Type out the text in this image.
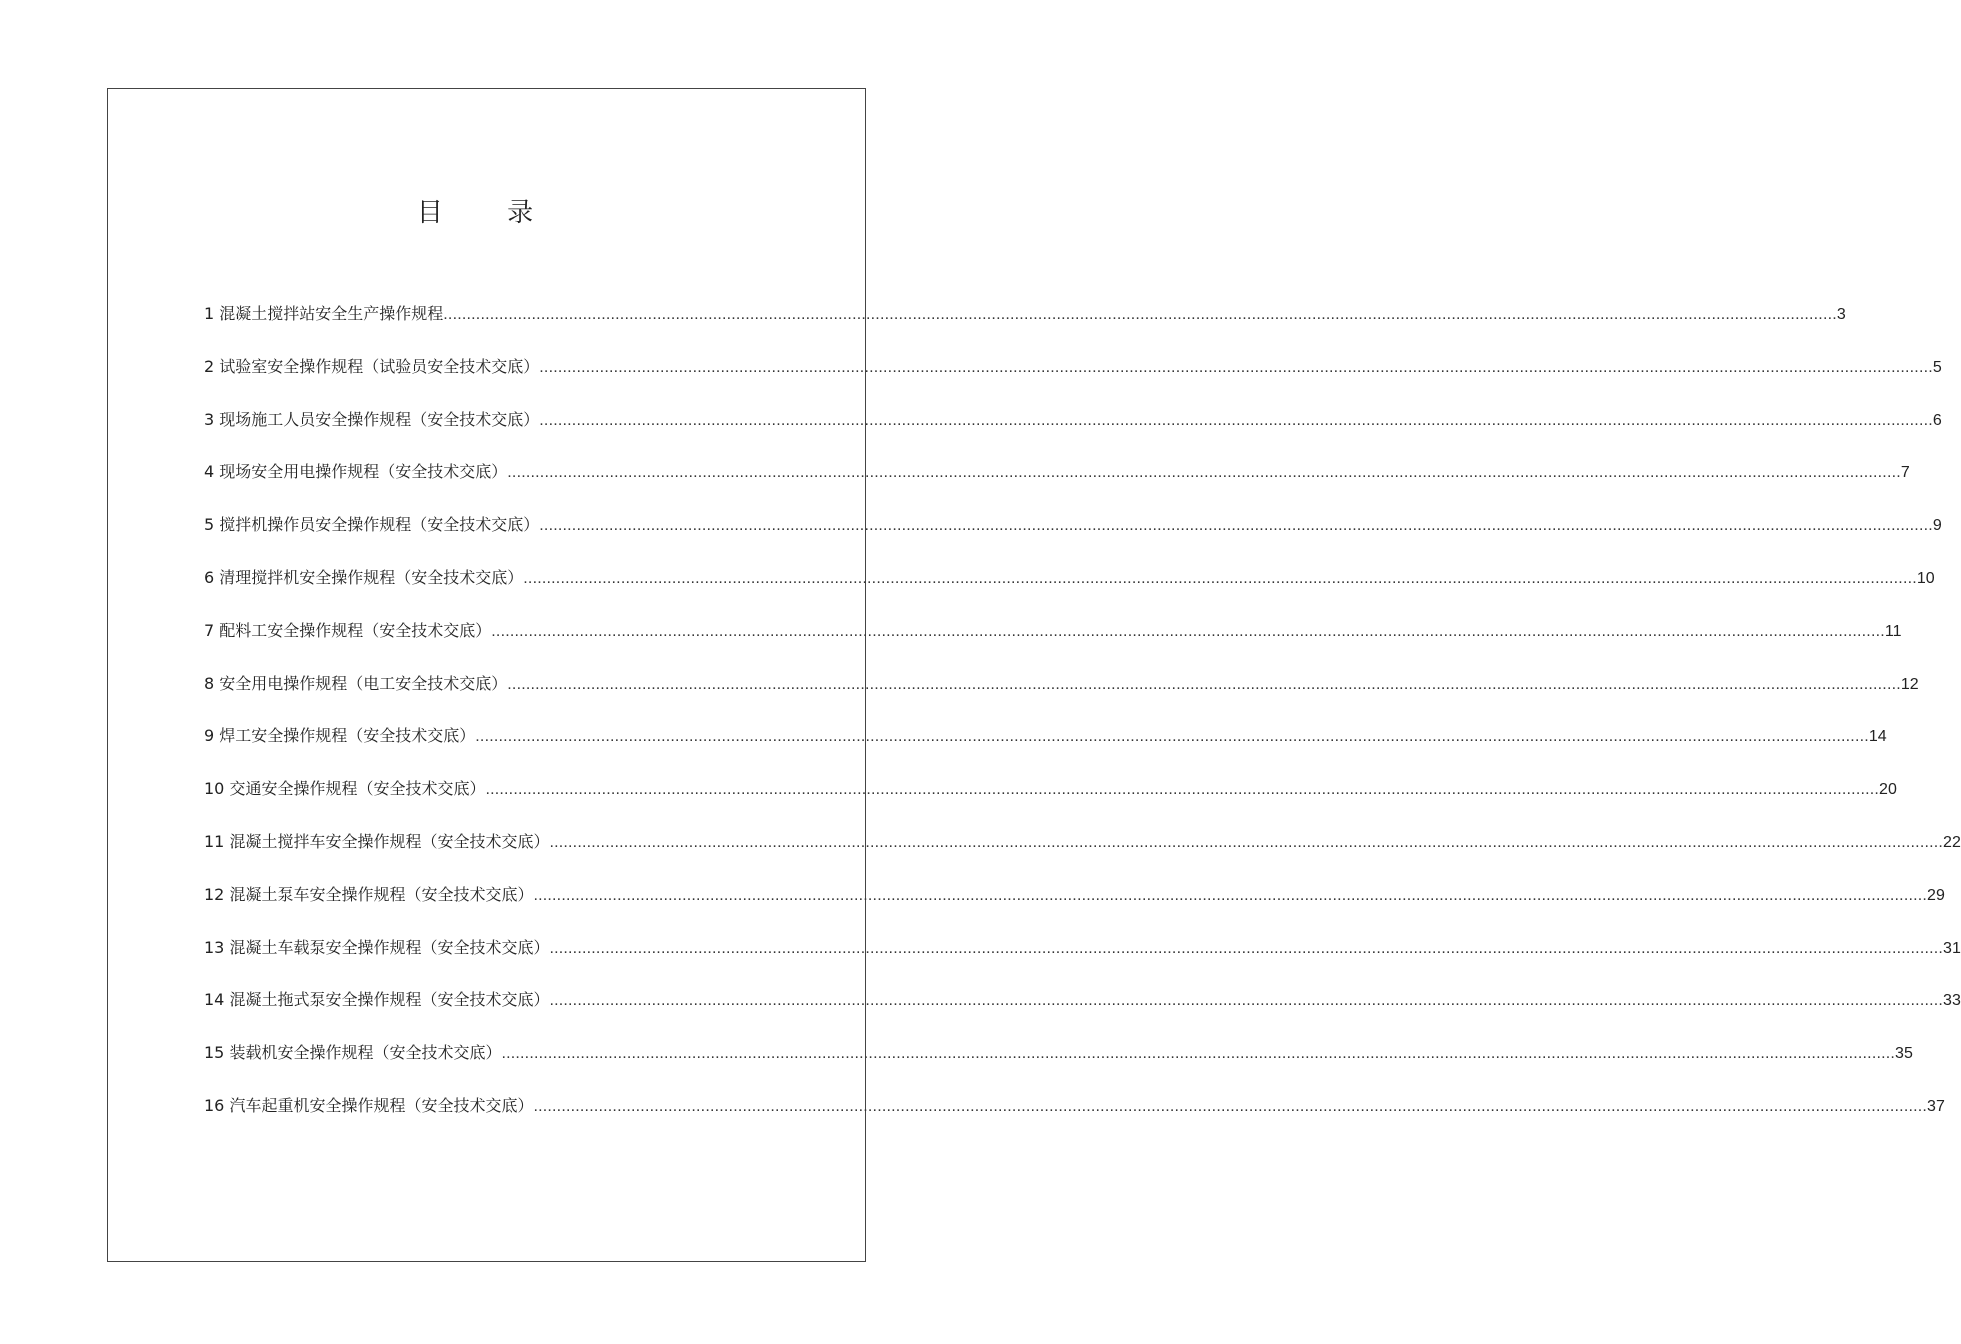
目 录
1 混凝土搅拌站安全生产操作规程 ............................................................................................................................................................................................................................................................................................................ 3
2 试验室安全操作规程（试验员安全技术交底） ............................................................................................................................................................................................................................................................................................................ 5
3 现场施工人员安全操作规程（安全技术交底） ............................................................................................................................................................................................................................................................................................................ 6
4 现场安全用电操作规程（安全技术交底） ............................................................................................................................................................................................................................................................................................................ 7
5 搅拌机操作员安全操作规程（安全技术交底） ............................................................................................................................................................................................................................................................................................................ 9
6 清理搅拌机安全操作规程（安全技术交底） ............................................................................................................................................................................................................................................................................................................ 10
7 配料工安全操作规程（安全技术交底） ............................................................................................................................................................................................................................................................................................................ 11
8 安全用电操作规程（电工安全技术交底） ............................................................................................................................................................................................................................................................................................................ 12
9 焊工安全操作规程（安全技术交底） ............................................................................................................................................................................................................................................................................................................ 14
10 交通安全操作规程（安全技术交底） ............................................................................................................................................................................................................................................................................................................ 20
11 混凝土搅拌车安全操作规程（安全技术交底） ............................................................................................................................................................................................................................................................................................................ 22
12 混凝土泵车安全操作规程（安全技术交底） ............................................................................................................................................................................................................................................................................................................ 29
13 混凝土车载泵安全操作规程（安全技术交底） ............................................................................................................................................................................................................................................................................................................ 31
14 混凝土拖式泵安全操作规程（安全技术交底） ............................................................................................................................................................................................................................................................................................................ 33
15 装载机安全操作规程（安全技术交底） ............................................................................................................................................................................................................................................................................................................ 35
16 汽车起重机安全操作规程（安全技术交底） ............................................................................................................................................................................................................................................................................................................ 37
